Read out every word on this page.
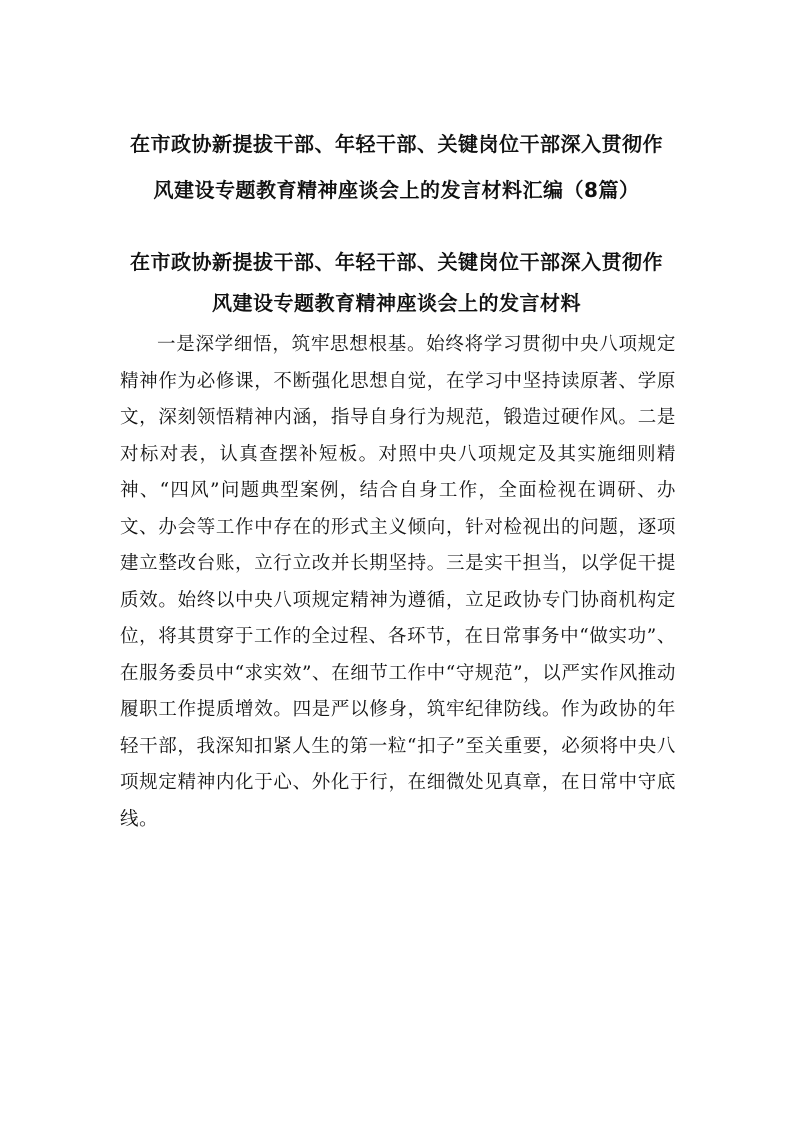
在市政协新提拔干部、年轻干部、关键岗位干部深入贯彻作
风建设专题教育精神座谈会上的发言材料汇编（8篇）
在市政协新提拔干部、年轻干部、关键岗位干部深入贯彻作
风建设专题教育精神座谈会上的发言材料

一是深学细悟，筑牢思想根基。始终将学习贯彻中央八项规定精神作为必修课，不断强化思想自觉，在学习中坚持读原著、学原文，深刻领悟精神内涵，指导自身行为规范，锻造过硬作风。二是对标对表，认真查摆补短板。对照中央八项规定及其实施细则精神、“四风”问题典型案例，结合自身工作，全面检视在调研、办文、办会等工作中存在的形式主义倾向，针对检视出的问题，逐项建立整改台账，立行立改并长期坚持。三是实干担当，以学促干提质效。始终以中央八项规定精神为遵循，立足政协专门协商机构定位，将其贯穿于工作的全过程、各环节，在日常事务中“做实功”、在服务委员中“求实效”、在细节工作中“守规范”，以严实作风推动履职工作提质增效。四是严以修身，筑牢纪律防线。作为政协的年轻干部，我深知扣紧人生的第一粒“扣子”至关重要，必须将中央八项规定精神内化于心、外化于行，在细微处见真章，在日常中守底线。
